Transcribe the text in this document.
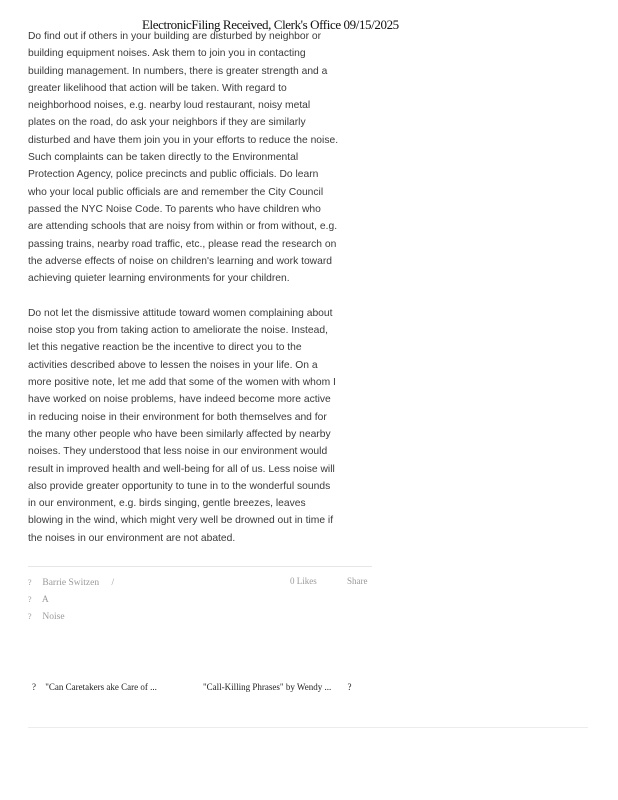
ElectronicFiling Received, Clerk's Office 09/15/2025
Do find out if others in your building are disturbed by neighbor or
building equipment noises. Ask them to join you in contacting
building management. In numbers, there is greater strength and a
greater likelihood that action will be taken. With regard to
neighborhood noises, e.g. nearby loud restaurant, noisy metal
plates on the road, do ask your neighbors if they are similarly
disturbed and have them join you in your efforts to reduce the noise.
Such complaints can be taken directly to the Environmental
Protection Agency, police precincts and public officials. Do learn
who your local public officials are and remember the City Council
passed the NYC Noise Code. To parents who have children who
are attending schools that are noisy from within or from without, e.g.
passing trains, nearby road traffic, etc., please read the research on
the adverse effects of noise on children's learning and work toward
achieving quieter learning environments for your children.
Do not let the dismissive attitude toward women complaining about
noise stop you from taking action to ameliorate the noise. Instead,
let this negative reaction be the incentive to direct you to the
activities described above to lessen the noises in your life. On a
more positive note, let me add that some of the women with whom I
have worked on noise problems, have indeed become more active
in reducing noise in their environment for both themselves and for
the many other people who have been similarly affected by nearby
noises. They understood that less noise in our environment would
result in improved health and well-being for all of us. Less noise will
also provide greater opportunity to tune in to the wonderful sounds
in our environment, e.g. birds singing, gentle breezes, leaves
blowing in the wind, which might very well be drowned out in time if
the noises in our environment are not abated.
0 Likes	Share
? Barrie Switzen /
? A
? Noise
? "Can Caretakers ake Care of ...	"Call-Killing Phrases" by Wendy ... ?
